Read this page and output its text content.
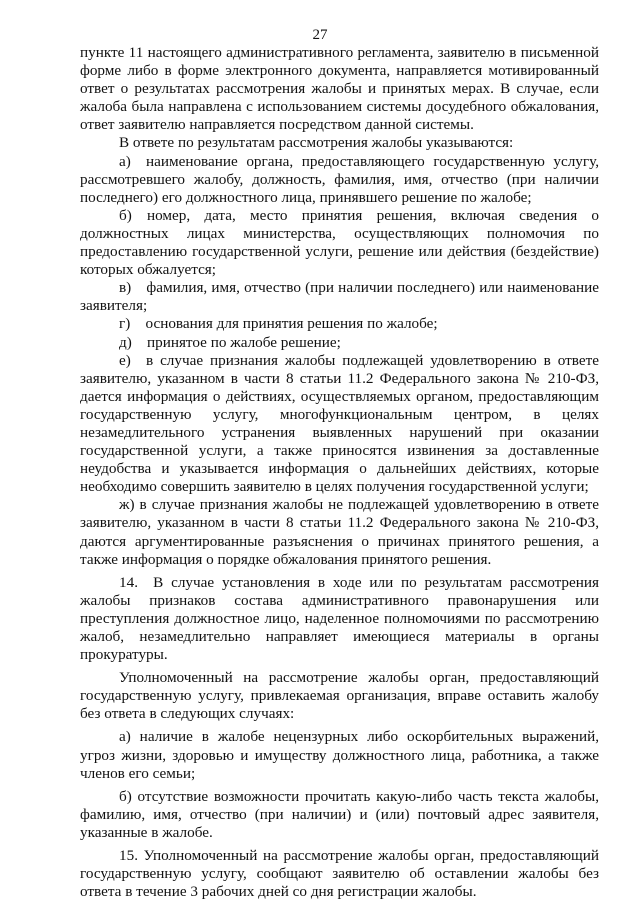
27

пункте 11 настоящего административного регламента, заявителю в письменной форме либо в форме электронного документа, направляется мотивированный ответ о результатах рассмотрения жалобы и принятых мерах. В случае, если жалоба была направлена с использованием системы досудебного обжалования, ответ заявителю направляется посредством данной системы.

В ответе по результатам рассмотрения жалобы указываются:

а) наименование органа, предоставляющего государственную услугу, рассмотревшего жалобу, должность, фамилия, имя, отчество (при наличии последнего) его должностного лица, принявшего решение по жалобе;

б) номер, дата, место принятия решения, включая сведения о должностных лицах министерства, осуществляющих полномочия по предоставлению государственной услуги, решение или действия (бездействие) которых обжалуется;

в) фамилия, имя, отчество (при наличии последнего) или наименование заявителя;

г) основания для принятия решения по жалобе;

д) принятое по жалобе решение;

е) в случае признания жалобы подлежащей удовлетворению в ответе заявителю, указанном в части 8 статьи 11.2 Федерального закона № 210-ФЗ, дается информация о действиях, осуществляемых органом, предоставляющим государственную услугу, многофункциональным центром, в целях незамедлительного устранения выявленных нарушений при оказании государственной услуги, а также приносятся извинения за доставленные неудобства и указывается информация о дальнейших действиях, которые необходимо совершить заявителю в целях получения государственной услуги;

ж) в случае признания жалобы не подлежащей удовлетворению в ответе заявителю, указанном в части 8 статьи 11.2 Федерального закона № 210-ФЗ, даются аргументированные разъяснения о причинах принятого решения, а также информация о порядке обжалования принятого решения.

14. В случае установления в ходе или по результатам рассмотрения жалобы признаков состава административного правонарушения или преступления должностное лицо, наделенное полномочиями по рассмотрению жалоб, незамедлительно направляет имеющиеся материалы в органы прокуратуры.

Уполномоченный на рассмотрение жалобы орган, предоставляющий государственную услугу, привлекаемая организация, вправе оставить жалобу без ответа в следующих случаях:

а) наличие в жалобе нецензурных либо оскорбительных выражений, угроз жизни, здоровью и имуществу должностного лица, работника, а также членов его семьи;

б) отсутствие возможности прочитать какую-либо часть текста жалобы, фамилию, имя, отчество (при наличии) и (или) почтовый адрес заявителя, указанные в жалобе.

15. Уполномоченный на рассмотрение жалобы орган, предоставляющий государственную услугу, сообщают заявителю об оставлении жалобы без ответа в течение 3 рабочих дней со дня регистрации жалобы.
